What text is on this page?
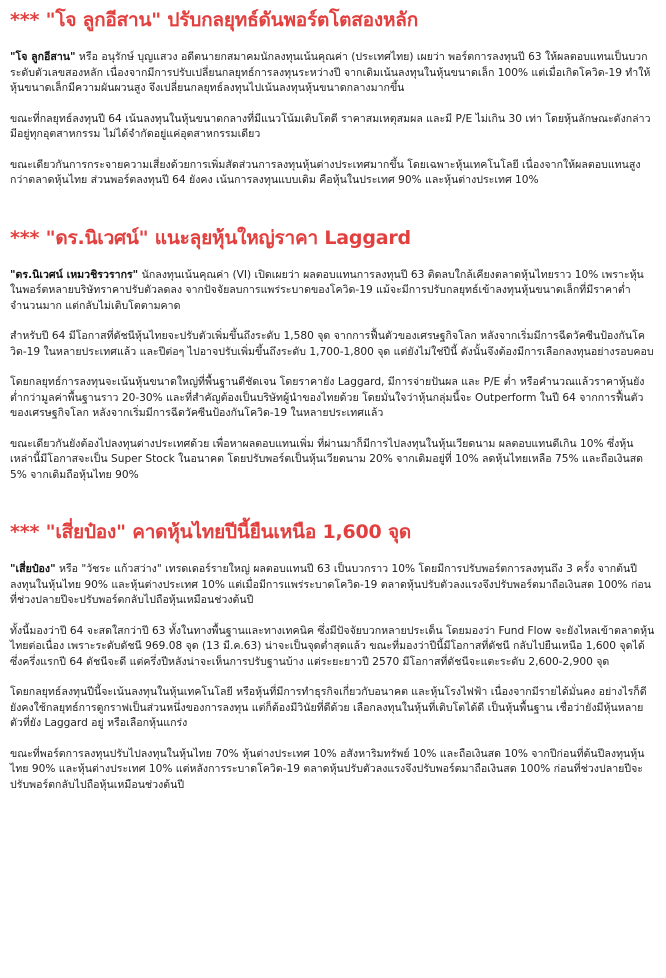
*** "โจ ลูกอีสาน" ปรับกลยุทธ์ดันพอร์ตโตสองหลัก

"โจ ลูกอีสาน" หรือ อนุรักษ์ บุญแสวง อดีตนายกสมาคมนักลงทุนเน้นคุณค่า (ประเทศไทย) เผยว่า พอร์ตการลงทุนปี 63 ให้ผลตอบแทนเป็นบวกระดับตัวเลขสองหลัก เนื่องจากมีการปรับเปลี่ยนกลยุทธ์การลงทุนระหว่างปี จากเดิมเน้นลงทุนในหุ้นขนาดเล็ก 100% แต่เมื่อเกิดโควิด-19 ทำให้หุ้นขนาดเล็กมีความผันผวนสูง จึงเปลี่ยนกลยุทธ์ลงทุนไปเน้นลงทุนหุ้นขนาดกลางมากขึ้น

ขณะที่กลยุทธ์ลงทุนปี 64 เน้นลงทุนในหุ้นขนาดกลางที่มีแนวโน้มเติบโตดี ราคาสมเหตุสมผล และมี P/E ไม่เกิน 30 เท่า โดยหุ้นลักษณะดังกล่าวมีอยู่ทุกอุตสาหกรรม ไม่ได้จำกัดอยู่แค่อุตสาหกรรมเดียว

ขณะเดียวกันการกระจายความเสี่ยงด้วยการเพิ่มสัดส่วนการลงทุนหุ้นต่างประเทศมากขึ้น โดยเฉพาะหุ้นเทคโนโลยี เนื่องจากให้ผลตอบแทนสูงกว่าตลาดหุ้นไทย ส่วนพอร์ตลงทุนปี 64 ยังคง เน้นการลงทุนแบบเดิม คือหุ้นในประเทศ 90% และหุ้นต่างประเทศ 10%

*** "ดร.นิเวศน์" แนะลุยหุ้นใหญ่ราคา Laggard

"ดร.นิเวศน์ เหมวชิรวรากร" นักลงทุนเน้นคุณค่า (VI) เปิดเผยว่า ผลตอบแทนการลงทุนปี 63 ติดลบใกล้เคียงตลาดหุ้นไทยราว 10% เพราะหุ้นในพอร์ตหลายบริษัทราคาปรับตัวลดลง จากปัจจัยลบการแพร่ระบาดของโควิด-19 แม้จะมีการปรับกลยุทธ์เข้าลงทุนหุ้นขนาดเล็กที่มีราคาต่ำจำนวนมาก แต่กลับไม่เติบโตตามคาด

สำหรับปี 64 มีโอกาสที่ดัชนีหุ้นไทยจะปรับตัวเพิ่มขึ้นถึงระดับ 1,580 จุด จากการฟื้นตัวของเศรษฐกิจโลก หลังจากเริ่มมีการฉีดวัคซีนป้องกันโควิด-19 ในหลายประเทศแล้ว และปีต่อๆ ไปอาจปรับเพิ่มขึ้นถึงระดับ 1,700-1,800 จุด แต่ยังไม่ใช่ปีนี้ ดังนั้นจึงต้องมีการเลือกลงทุนอย่างรอบคอบ

โดยกลยุทธ์การลงทุนจะเน้นหุ้นขนาดใหญ่ที่พื้นฐานดีชัดเจน โดยราคายัง Laggard, มีการจ่ายปันผล และ P/E ต่ำ หรือคำนวณแล้วราคาหุ้นยังต่ำกว่ามูลค่าพื้นฐานราว 20-30% และที่สำคัญต้องเป็นบริษัทผู้นำของไทยด้วย โดยมั่นใจว่าหุ้นกลุ่มนี้จะ Outperform ในปี 64 จากการฟื้นตัวของเศรษฐกิจโลก หลังจากเริ่มมีการฉีดวัคซีนป้องกันโควิด-19 ในหลายประเทศแล้ว

ขณะเดียวกันยังต้องไปลงทุนต่างประเทศด้วย เพื่อหาผลตอบแทนเพิ่ม ที่ผ่านมาก็มีการไปลงทุนในหุ้นเวียดนาม ผลตอบแทนดีเกิน 10% ซึ่งหุ้นเหล่านี้มีโอกาสจะเป็น Super Stock ในอนาคต โดยปรับพอร์ตเป็นหุ้นเวียดนาม 20% จากเดิมอยู่ที่ 10% ลดหุ้นไทยเหลือ 75% และถือเงินสด 5% จากเดิมถือหุ้นไทย 90%

*** "เสี่ยป๋อง" คาดหุ้นไทยปีนี้ยืนเหนือ 1,600 จุด

"เสี่ยป๋อง" หรือ "วัชระ แก้วสว่าง" เทรดเดอร์รายใหญ่ ผลตอบแทนปี 63 เป็นบวกราว 10% โดยมีการปรับพอร์ตการลงทุนถึง 3 ครั้ง จากต้นปีลงทุนในหุ้นไทย 90% และหุ้นต่างประเทศ 10% แต่เมื่อมีการแพร่ระบาดโควิด-19 ตลาดหุ้นปรับตัวลงแรงจึงปรับพอร์ตมาถือเงินสด 100% ก่อนที่ช่วงปลายปีจะปรับพอร์ตกลับไปถือหุ้นเหมือนช่วงต้นปี

ทั้งนี้มองว่าปี 64 จะสดใสกว่าปี 63 ทั้งในทางพื้นฐานและทางเทคนิค ซึ่งมีปัจจัยบวกหลายประเด็น โดยมองว่า Fund Flow จะยังไหลเข้าตลาดหุ้นไทยต่อเนื่อง เพราะระดับดัชนี 969.08 จุด (13 มี.ค.63) น่าจะเป็นจุดต่ำสุดแล้ว ขณะที่มองว่าปีนี้มีโอกาสที่ดัชนี กลับไปยืนเหนือ 1,600 จุดได้ ซึ่งครึ่งแรกปี 64 ดัชนีจะดี แต่ครึ่งปีหลังน่าจะเห็นการปรับฐานบ้าง แต่ระยะยาวปี 2570 มีโอกาสที่ดัชนีจะแตะระดับ 2,600-2,900 จุด

โดยกลยุทธ์ลงทุนปีนี้จะเน้นลงทุนในหุ้นเทคโนโลยี หรือหุ้นที่มีการทำธุรกิจเกี่ยวกับอนาคต และหุ้นโรงไฟฟ้า เนื่องจากมีรายได้มั่นคง อย่างไรก็ดียังคงใช้กลยุทธ์การดูกราฟเป็นส่วนหนึ่งของการลงทุน แต่ก็ต้องมีวินัยที่ดีด้วย เลือกลงทุนในหุ้นที่เติบโตได้ดี เป็นหุ้นพื้นฐาน เชื่อว่ายังมีหุ้นหลายตัวที่ยัง Laggard อยู่ หรือเลือกหุ้นแกร่ง

ขณะที่พอร์ตการลงทุนปรับไปลงทุนในหุ้นไทย 70% หุ้นต่างประเทศ 10% อสังหาริมทรัพย์ 10% และถือเงินสด 10% จากปีก่อนที่ต้นปีลงทุนหุ้นไทย 90% และหุ้นต่างประเทศ 10% แต่หลังการระบาดโควิด-19 ตลาดหุ้นปรับตัวลงแรงจึงปรับพอร์ตมาถือเงินสด 100% ก่อนที่ช่วงปลายปีจะปรับพอร์ตกลับไปถือหุ้นเหมือนช่วงต้นปี
